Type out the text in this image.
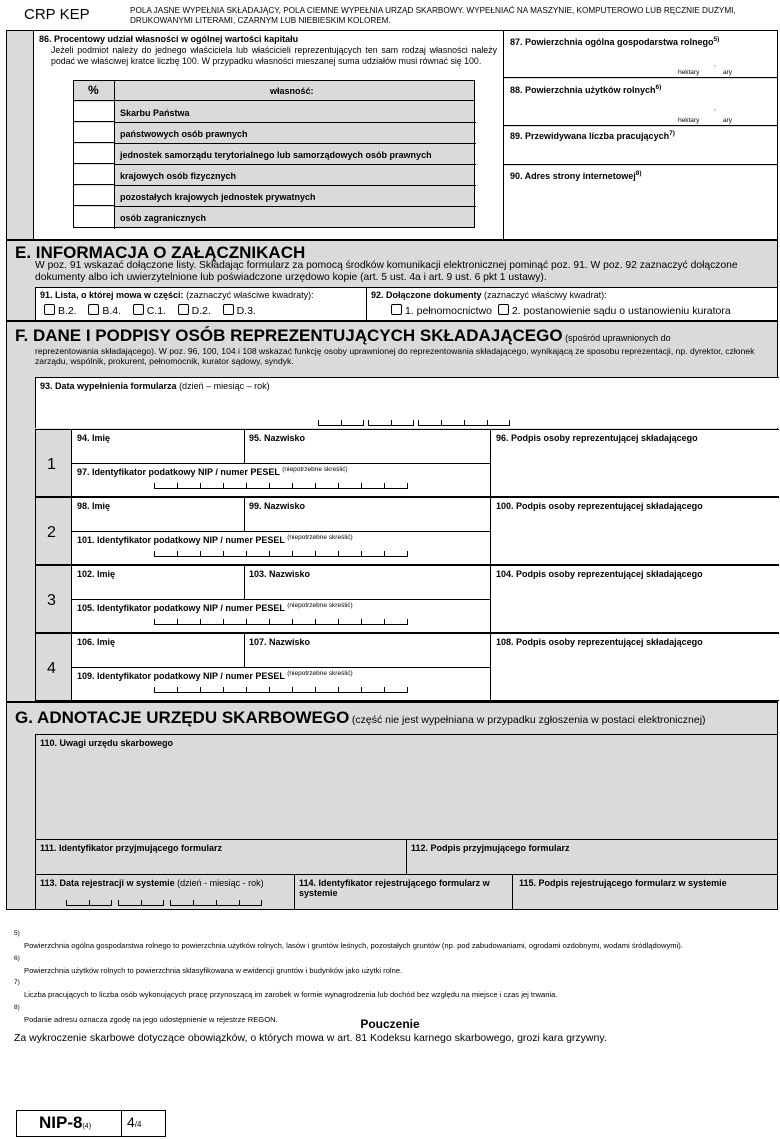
CRP KEP	POLA JASNE WYPEŁNIA SKŁADAJĄCY, POLA CIEMNE WYPEŁNIA URZĄD SKARBOWY. WYPEŁNIAĆ NA MASZYNIE, KOMPUTEROWO LUB RĘCZNIE DUŻYMI, DRUKOWANYMI LITERAMI, CZARNYM LUB NIEBIESKIM KOLOREM.
86. Procentowy udział własności w ogólnej wartości kapitału
Jeżeli podmiot należy do jednego właściciela lub właścicieli reprezentujących ten sam rodzaj własności należy podać we właściwej kratce liczbę 100. W przypadku własności mieszanej suma udziałów musi równać się 100.
%	własność:
Skarbu Państwa
państwowych osób prawnych
jednostek samorządu terytorialnego lub samorządowych osób prawnych
krajowych osób fizycznych
pozostałych krajowych jednostek prywatnych
osób zagranicznych
87. Powierzchnia ogólna gospodarstwa rolnego$^{5)}$
hektary
,
ary
88. Powierzchnia użytków rolnych$^{6)}$
hektary
,
ary
89. Przewidywana liczba pracujących$^{7)}$
90. Adres strony internetowej$^{8)}$
E. INFORMACJA O ZAŁĄCZNIKACH
W poz. 91 wskazać dołączone listy. Składając formularz za pomocą środków komunikacji elektronicznej pominąć poz. 91. W poz. 92 zaznaczyć dołączone dokumenty albo ich uwierzytelnione lub poświadczone urzędowo kopie (art. 5 ust. 4a i art. 9 ust. 6 pkt 1 ustawy).
91. Lista, o której mowa w części: (zaznaczyć właściwe kwadraty):
B.2. B.4. C.1. D.2. D.3.
92. Dołączone dokumenty (zaznaczyć właściwy kwadrat):
1. pełnomocnictwo 2. postanowienie sądu o ustanowieniu kuratora
F. DANE I PODPISY OSÓB REPREZENTUJĄCYCH SKŁADAJĄCEGO (spośród uprawnionych do
reprezentowania składającego). W poz. 96, 100, 104 i 108 wskazać funkcję osoby uprawnionej do reprezentowania składającego, wynikającą ze sposobu reprezentacji, np. dyrektor, członek zarządu, wspólnik, prokurent, pełnomocnik, kurator sądowy, syndyk.
93. Data wypełnienia formularza (dzień – miesiąc – rok)
1
94. Imię	95. Nazwisko	96. Podpis osoby reprezentującej składającego
97. Identyfikator podatkowy NIP / numer PESEL $^{(niepotrzebne skreślić)}$
2
98. Imię	99. Nazwisko	100. Podpis osoby reprezentującej składającego
101. Identyfikator podatkowy NIP / numer PESEL $^{(niepotrzebne skreślić)}$
3
102. Imię	103. Nazwisko	104. Podpis osoby reprezentującej składającego
105. Identyfikator podatkowy NIP / numer PESEL $^{(niepotrzebne skreślić)}$
4
106. Imię	107. Nazwisko	108. Podpis osoby reprezentującej składającego
109. Identyfikator podatkowy NIP / numer PESEL $^{(niepotrzebne skreślić)}$
G. ADNOTACJE URZĘDU SKARBOWEGO (część nie jest wypełniana w przypadku zgłoszenia w postaci elektronicznej)
110. Uwagi urzędu skarbowego
111. Identyfikator przyjmującego formularz	112. Podpis przyjmującego formularz
113. Data rejestracji w systemie (dzień - miesiąc - rok)	114. Identyfikator rejestrującego formularz w systemie
115. Podpis rejestrującego formularz w systemie
$^{5)}$
Powierzchnia ogólna gospodarstwa rolnego to powierzchnia użytków rolnych, lasów i gruntów leśnych, pozostałych gruntów (np. pod zabudowaniami, ogrodami ozdobnymi, wodami śródlądowymi).
$^{6)}$
Powierzchnia użytków rolnych to powierzchnia sklasyfikowana w ewidencji gruntów i budynków jako użytki rolne.
$^{7)}$
Liczba pracujących to liczba osób wykonujących pracę przynoszącą im zarobek w formie wynagrodzenia lub dochód bez względu na miejsce i czas jej trwania.
$^{8)}$
Podanie adresu oznacza zgodę na jego udostępnienie w rejestrze REGON.	Pouczenie
Za wykroczenie skarbowe dotyczące obowiązków, o których mowa w art. 81 Kodeksu karnego skarbowego, grozi kara grzywny.
NIP-8(4)	4/4
